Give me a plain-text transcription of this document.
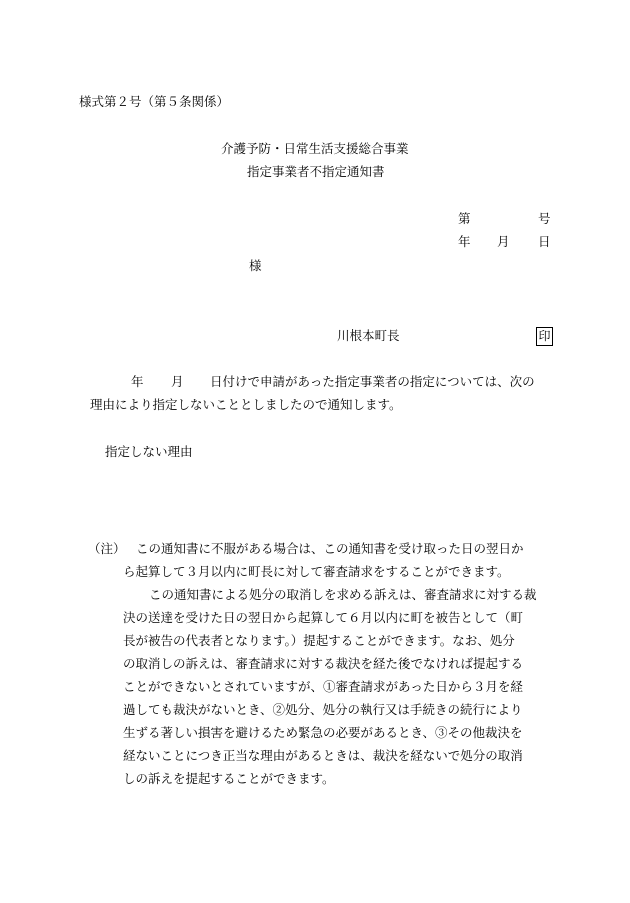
様式第２号（第５条関係）
介護予防・日常生活支援総合事業
指定事業者不指定通知書
第	号
年 月 日
様
川根本町長	印
年 月 日付けで申請があった指定事業者の指定については、次の
理由により指定しないこととしましたので通知します。
指定しない理由
（注） この通知書に不服がある場合は、この通知書を受け取った日の翌日か
ら起算して３月以内に町長に対して審査請求をすることができます。
この通知書による処分の取消しを求める訴えは、審査請求に対する裁
決の送達を受けた日の翌日から起算して６月以内に町を被告として（町
長が被告の代表者となります。）提起することができます。なお、処分
の取消しの訴えは、審査請求に対する裁決を経た後でなければ提起する
ことができないとされていますが、①審査請求があった日から３月を経
過しても裁決がないとき、②処分、処分の執行又は手続きの続行により
生ずる著しい損害を避けるため緊急の必要があるとき、③その他裁決を
経ないことにつき正当な理由があるときは、裁決を経ないで処分の取消
しの訴えを提起することができます。
